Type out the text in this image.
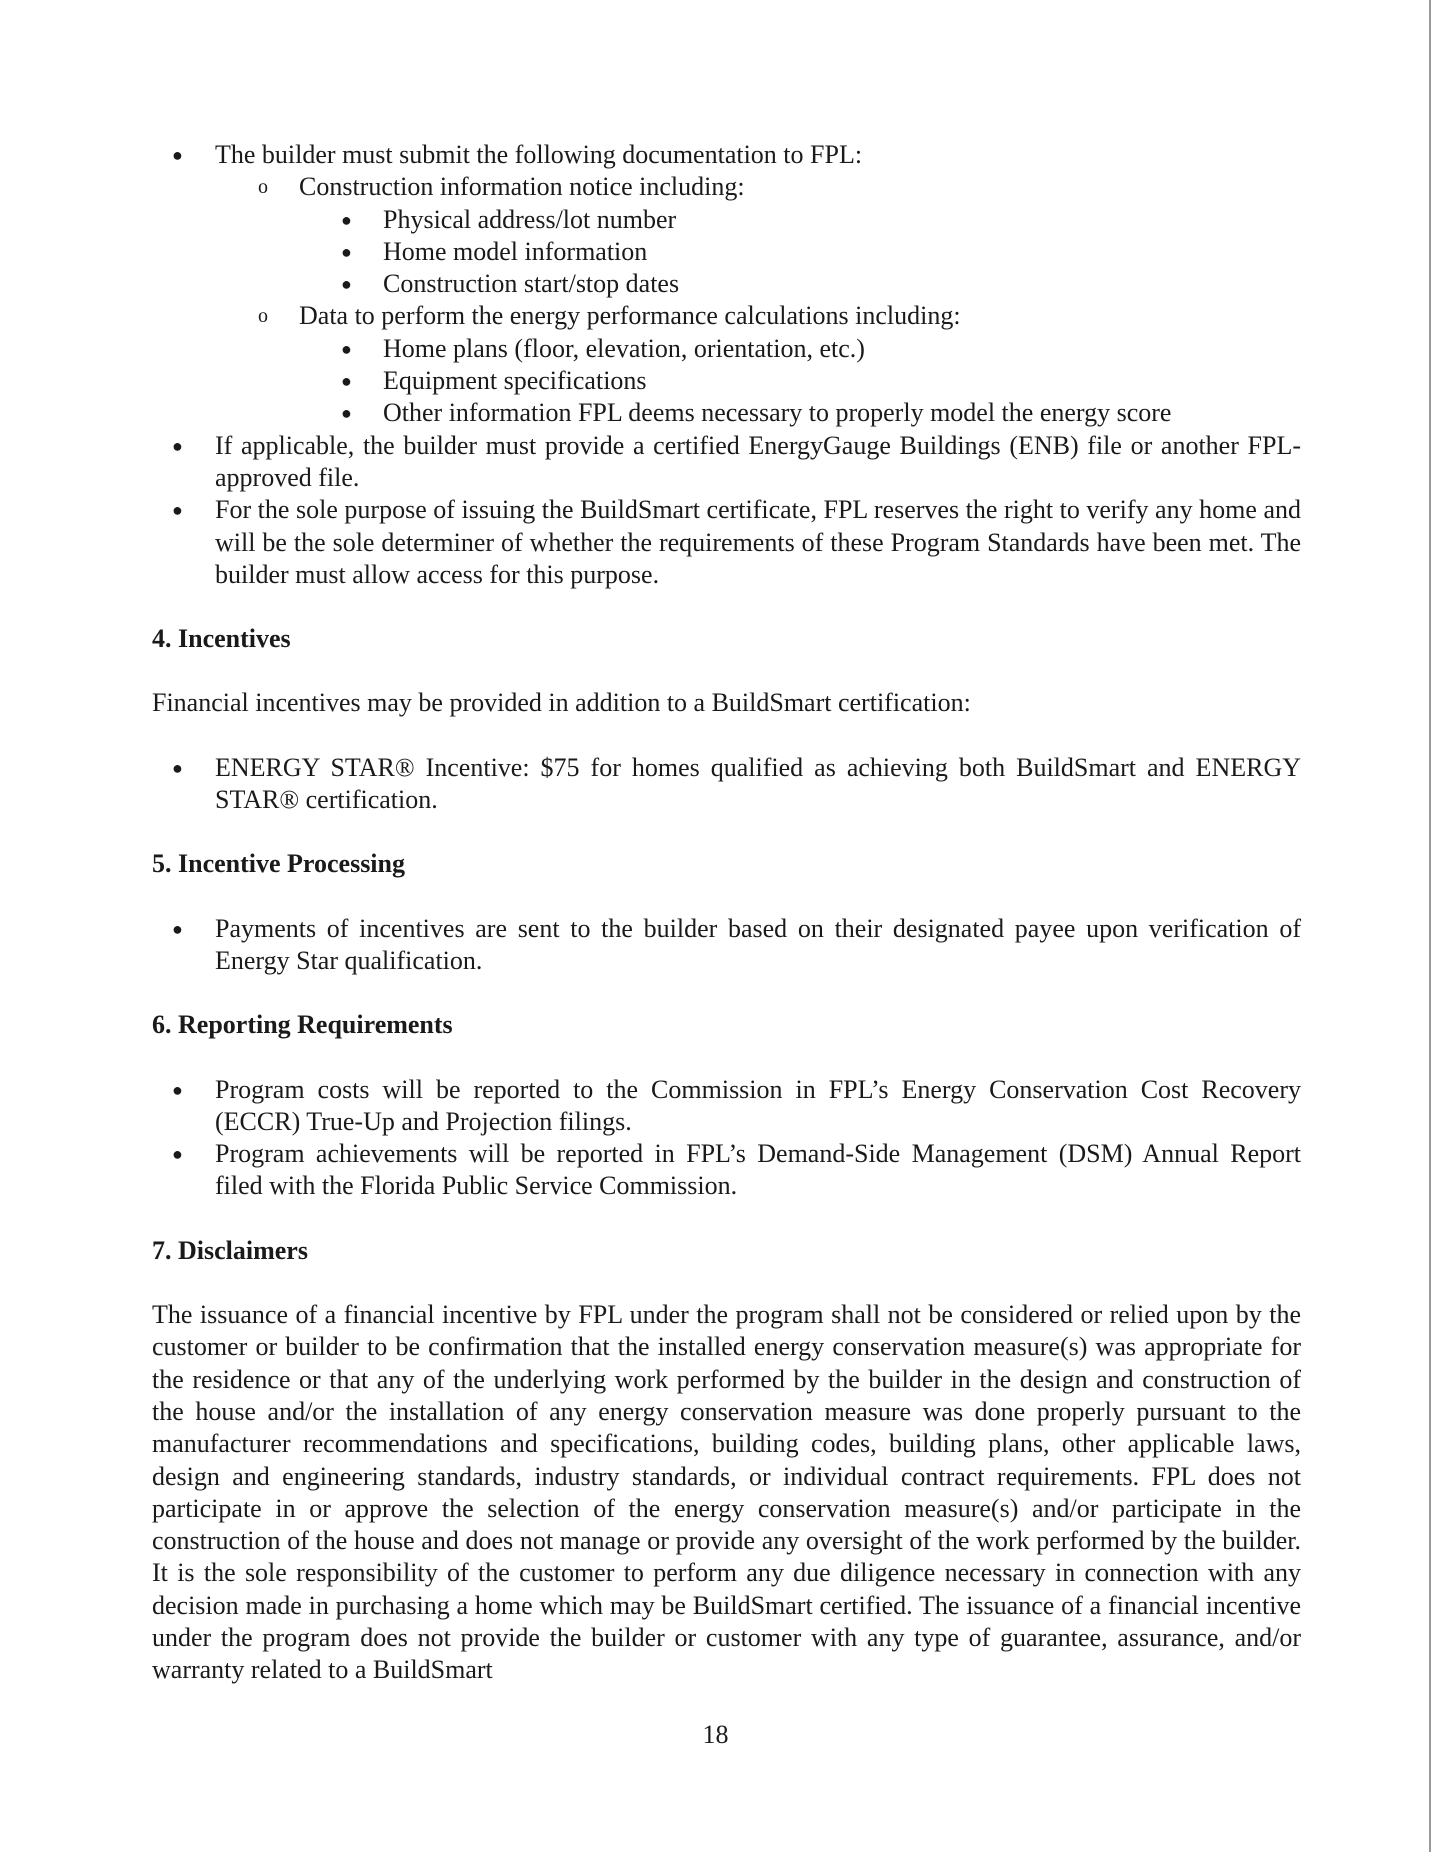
● The builder must submit the following documentation to FPL:
o Construction information notice including:
● Physical address/lot number
● Home model information
● Construction start/stop dates
o Data to perform the energy performance calculations including:
● Home plans (floor, elevation, orientation, etc.)
● Equipment specifications
● Other information FPL deems necessary to properly model the energy score
● If applicable, the builder must provide a certified EnergyGauge Buildings (ENB) file or another FPL-approved file.
● For the sole purpose of issuing the BuildSmart certificate, FPL reserves the right to verify any home and will be the sole determiner of whether the requirements of these Program Standards have been met. The builder must allow access for this purpose.
4. Incentives
Financial incentives may be provided in addition to a BuildSmart certification:
● ENERGY STAR® Incentive: $75 for homes qualified as achieving both BuildSmart and ENERGY STAR® certification.
5. Incentive Processing
● Payments of incentives are sent to the builder based on their designated payee upon verification of Energy Star qualification.
6. Reporting Requirements
● Program costs will be reported to the Commission in FPL’s Energy Conservation Cost Recovery (ECCR) True-Up and Projection filings.
● Program achievements will be reported in FPL’s Demand-Side Management (DSM) Annual Report filed with the Florida Public Service Commission.
7. Disclaimers
The issuance of a financial incentive by FPL under the program shall not be considered or relied upon by the customer or builder to be confirmation that the installed energy conservation measure(s) was appropriate for the residence or that any of the underlying work performed by the builder in the design and construction of the house and/or the installation of any energy conservation measure was done properly pursuant to the manufacturer recommendations and specifications, building codes, building plans, other applicable laws, design and engineering standards, industry standards, or individual contract requirements. FPL does not participate in or approve the selection of the energy conservation measure(s) and/or participate in the construction of the house and does not manage or provide any oversight of the work performed by the builder. It is the sole responsibility of the customer to perform any due diligence necessary in connection with any decision made in purchasing a home which may be BuildSmart certified. The issuance of a financial incentive under the program does not provide the builder or customer with any type of guarantee, assurance, and/or warranty related to a BuildSmart
18
